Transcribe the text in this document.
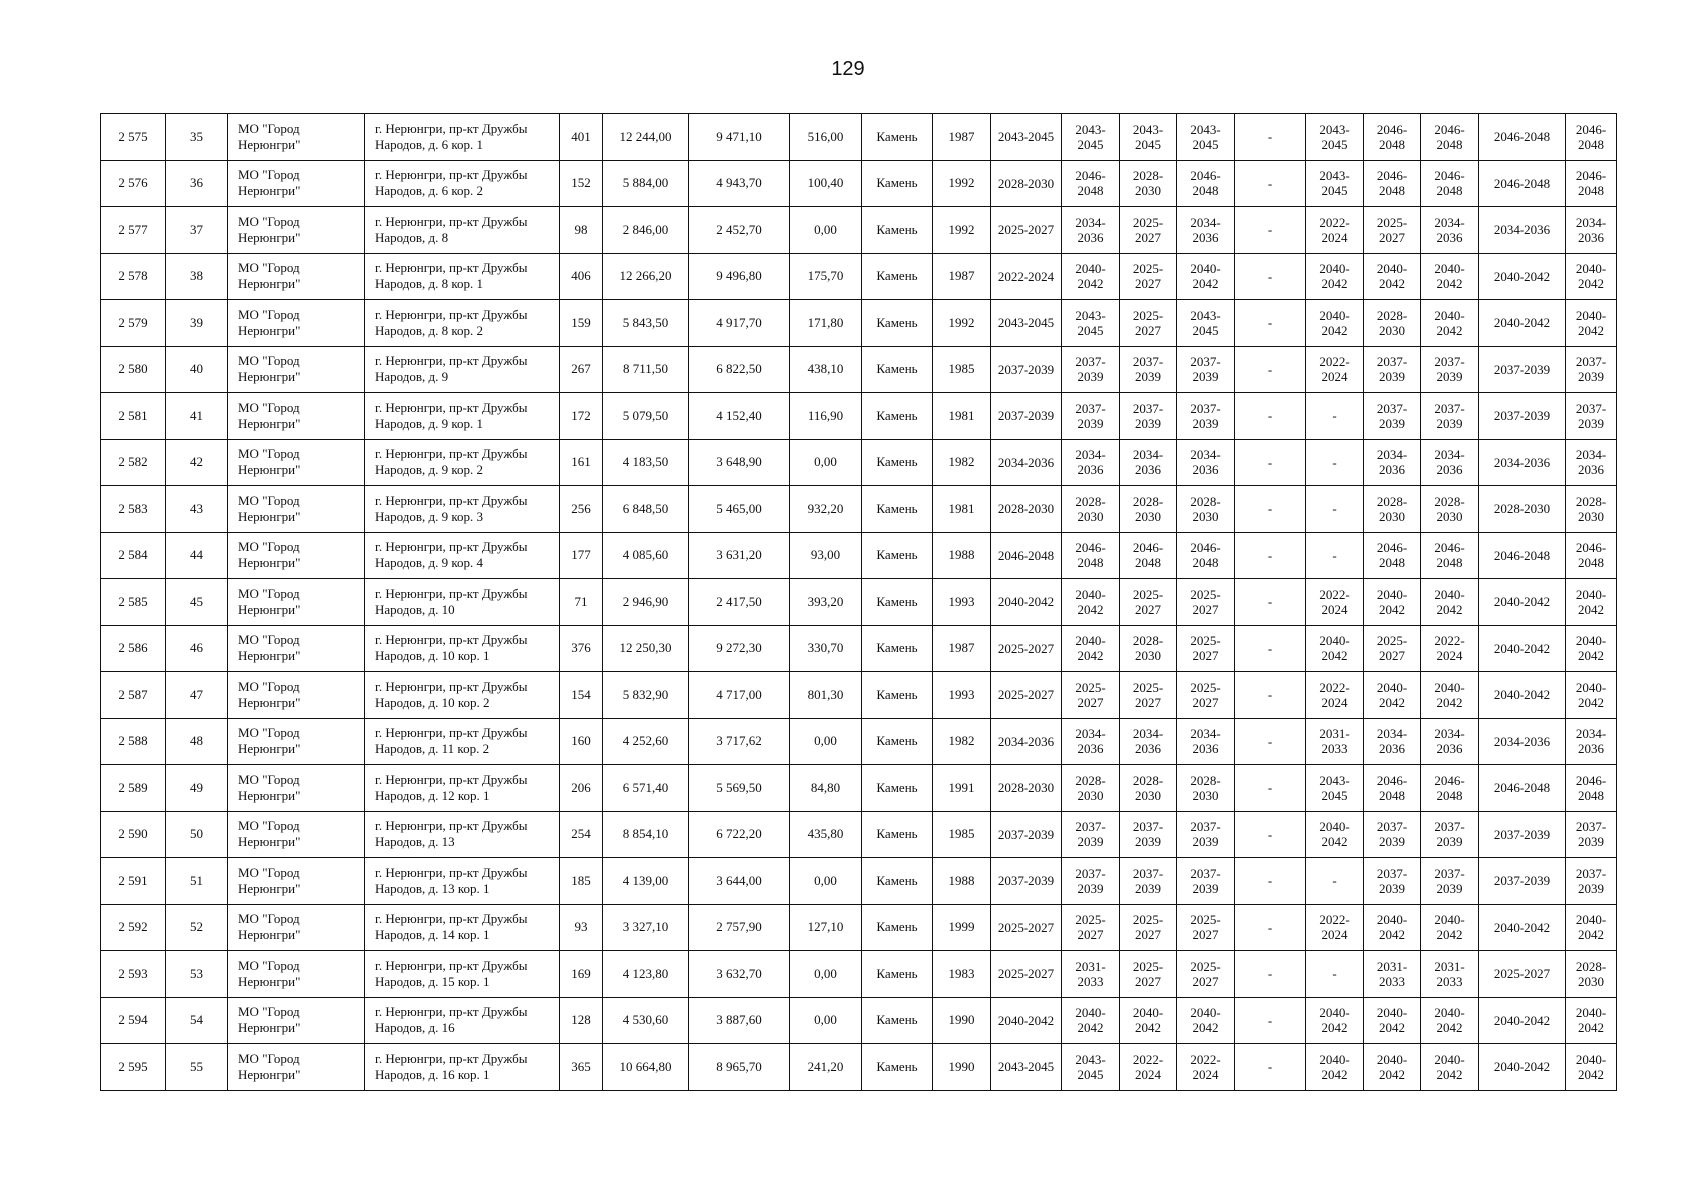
129
2 575	35	МО "Город Нерюнгри"	г. Нерюнгри, пр-кт Дружбы Народов, д. 6 кор. 1	401	12 244,00	9 471,10	516,00	Камень	1987	2043-2045	2043-2045	2043-2045	2043-2045	-	2043-2045	2046-2048	2046-2048	2046-2048	2046-2048
2 576	36	МО "Город Нерюнгри"	г. Нерюнгри, пр-кт Дружбы Народов, д. 6 кор. 2	152	5 884,00	4 943,70	100,40	Камень	1992	2028-2030	2046-2048	2028-2030	2046-2048	-	2043-2045	2046-2048	2046-2048	2046-2048	2046-2048
2 577	37	МО "Город Нерюнгри"	г. Нерюнгри, пр-кт Дружбы Народов, д. 8	98	2 846,00	2 452,70	0,00	Камень	1992	2025-2027	2034-2036	2025-2027	2034-2036	-	2022-2024	2025-2027	2034-2036	2034-2036	2034-2036
2 578	38	МО "Город Нерюнгри"	г. Нерюнгри, пр-кт Дружбы Народов, д. 8 кор. 1	406	12 266,20	9 496,80	175,70	Камень	1987	2022-2024	2040-2042	2025-2027	2040-2042	-	2040-2042	2040-2042	2040-2042	2040-2042	2040-2042
2 579	39	МО "Город Нерюнгри"	г. Нерюнгри, пр-кт Дружбы Народов, д. 8 кор. 2	159	5 843,50	4 917,70	171,80	Камень	1992	2043-2045	2043-2045	2025-2027	2043-2045	-	2040-2042	2028-2030	2040-2042	2040-2042	2040-2042
2 580	40	МО "Город Нерюнгри"	г. Нерюнгри, пр-кт Дружбы Народов, д. 9	267	8 711,50	6 822,50	438,10	Камень	1985	2037-2039	2037-2039	2037-2039	2037-2039	-	2022-2024	2037-2039	2037-2039	2037-2039	2037-2039
2 581	41	МО "Город Нерюнгри"	г. Нерюнгри, пр-кт Дружбы Народов, д. 9 кор. 1	172	5 079,50	4 152,40	116,90	Камень	1981	2037-2039	2037-2039	2037-2039	2037-2039	-	-	2037-2039	2037-2039	2037-2039	2037-2039
2 582	42	МО "Город Нерюнгри"	г. Нерюнгри, пр-кт Дружбы Народов, д. 9 кор. 2	161	4 183,50	3 648,90	0,00	Камень	1982	2034-2036	2034-2036	2034-2036	2034-2036	-	-	2034-2036	2034-2036	2034-2036	2034-2036
2 583	43	МО "Город Нерюнгри"	г. Нерюнгри, пр-кт Дружбы Народов, д. 9 кор. 3	256	6 848,50	5 465,00	932,20	Камень	1981	2028-2030	2028-2030	2028-2030	2028-2030	-	-	2028-2030	2028-2030	2028-2030	2028-2030
2 584	44	МО "Город Нерюнгри"	г. Нерюнгри, пр-кт Дружбы Народов, д. 9 кор. 4	177	4 085,60	3 631,20	93,00	Камень	1988	2046-2048	2046-2048	2046-2048	2046-2048	-	-	2046-2048	2046-2048	2046-2048	2046-2048
2 585	45	МО "Город Нерюнгри"	г. Нерюнгри, пр-кт Дружбы Народов, д. 10	71	2 946,90	2 417,50	393,20	Камень	1993	2040-2042	2040-2042	2025-2027	2025-2027	-	2022-2024	2040-2042	2040-2042	2040-2042	2040-2042
2 586	46	МО "Город Нерюнгри"	г. Нерюнгри, пр-кт Дружбы Народов, д. 10 кор. 1	376	12 250,30	9 272,30	330,70	Камень	1987	2025-2027	2040-2042	2028-2030	2025-2027	-	2040-2042	2025-2027	2022-2024	2040-2042	2040-2042
2 587	47	МО "Город Нерюнгри"	г. Нерюнгри, пр-кт Дружбы Народов, д. 10 кор. 2	154	5 832,90	4 717,00	801,30	Камень	1993	2025-2027	2025-2027	2025-2027	2025-2027	-	2022-2024	2040-2042	2040-2042	2040-2042	2040-2042
2 588	48	МО "Город Нерюнгри"	г. Нерюнгри, пр-кт Дружбы Народов, д. 11 кор. 2	160	4 252,60	3 717,62	0,00	Камень	1982	2034-2036	2034-2036	2034-2036	2034-2036	-	2031-2033	2034-2036	2034-2036	2034-2036	2034-2036
2 589	49	МО "Город Нерюнгри"	г. Нерюнгри, пр-кт Дружбы Народов, д. 12 кор. 1	206	6 571,40	5 569,50	84,80	Камень	1991	2028-2030	2028-2030	2028-2030	2028-2030	-	2043-2045	2046-2048	2046-2048	2046-2048	2046-2048
2 590	50	МО "Город Нерюнгри"	г. Нерюнгри, пр-кт Дружбы Народов, д. 13	254	8 854,10	6 722,20	435,80	Камень	1985	2037-2039	2037-2039	2037-2039	2037-2039	-	2040-2042	2037-2039	2037-2039	2037-2039	2037-2039
2 591	51	МО "Город Нерюнгри"	г. Нерюнгри, пр-кт Дружбы Народов, д. 13 кор. 1	185	4 139,00	3 644,00	0,00	Камень	1988	2037-2039	2037-2039	2037-2039	2037-2039	-	-	2037-2039	2037-2039	2037-2039	2037-2039
2 592	52	МО "Город Нерюнгри"	г. Нерюнгри, пр-кт Дружбы Народов, д. 14 кор. 1	93	3 327,10	2 757,90	127,10	Камень	1999	2025-2027	2025-2027	2025-2027	2025-2027	-	2022-2024	2040-2042	2040-2042	2040-2042	2040-2042
2 593	53	МО "Город Нерюнгри"	г. Нерюнгри, пр-кт Дружбы Народов, д. 15 кор. 1	169	4 123,80	3 632,70	0,00	Камень	1983	2025-2027	2031-2033	2025-2027	2025-2027	-	-	2031-2033	2031-2033	2025-2027	2028-2030
2 594	54	МО "Город Нерюнгри"	г. Нерюнгри, пр-кт Дружбы Народов, д. 16	128	4 530,60	3 887,60	0,00	Камень	1990	2040-2042	2040-2042	2040-2042	2040-2042	-	2040-2042	2040-2042	2040-2042	2040-2042	2040-2042
2 595	55	МО "Город Нерюнгри"	г. Нерюнгри, пр-кт Дружбы Народов, д. 16 кор. 1	365	10 664,80	8 965,70	241,20	Камень	1990	2043-2045	2043-2045	2022-2024	2022-2024	-	2040-2042	2040-2042	2040-2042	2040-2042	2040-2042
